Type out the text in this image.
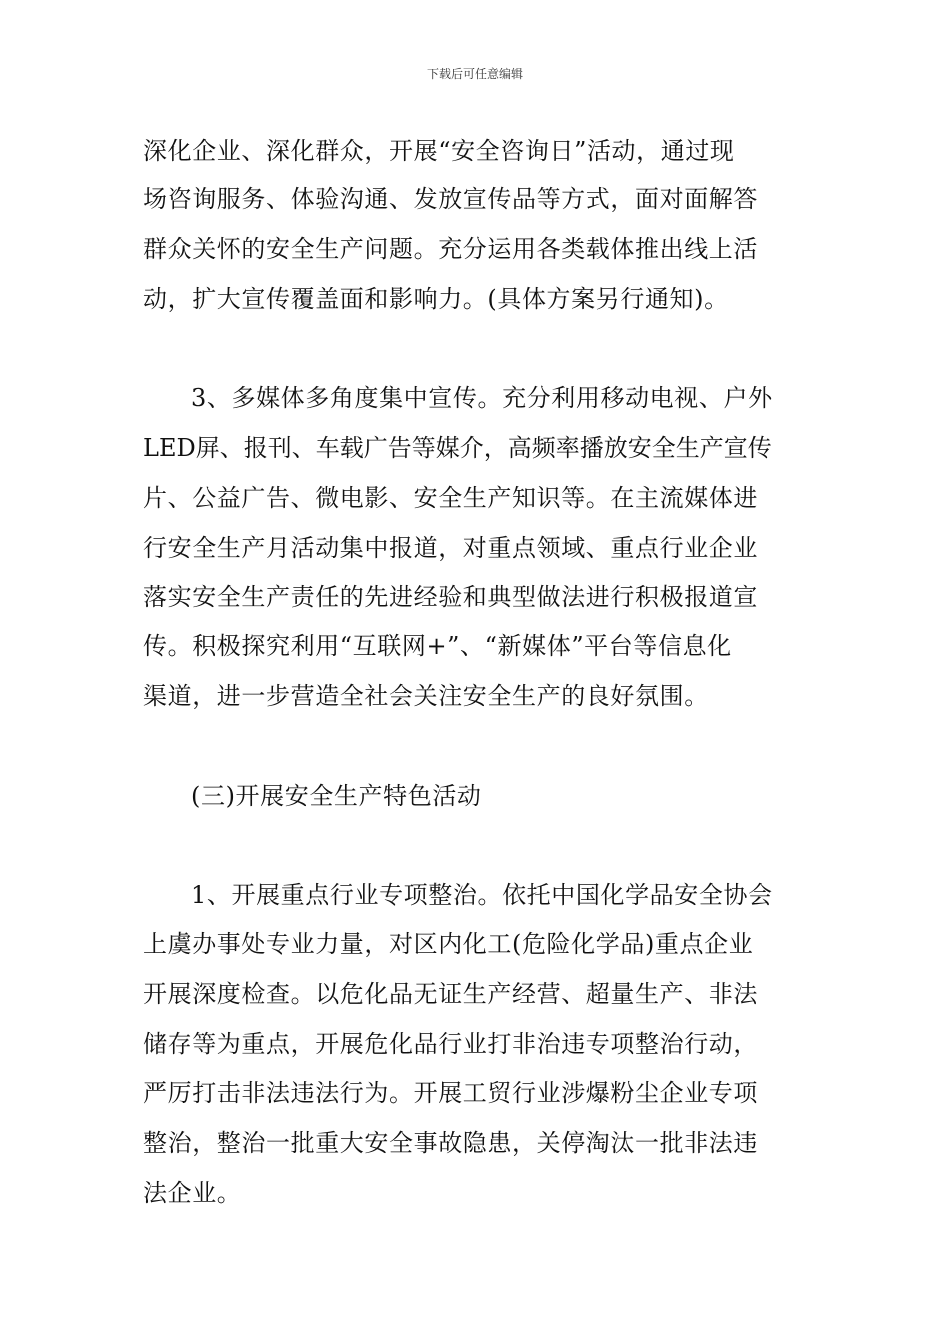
下载后可任意编辑
深化企业、深化群众，开展“安全咨询日”活动，通过现
场咨询服务、体验沟通、发放宣传品等方式，面对面解答
群众关怀的安全生产问题。充分运用各类载体推出线上活
动，扩大宣传覆盖面和影响力。(具体方案另行通知)。
3、多媒体多角度集中宣传。充分利用移动电视、户外
LED屏、报刊、车载广告等媒介，高频率播放安全生产宣传
片、公益广告、微电影、安全生产知识等。在主流媒体进
行安全生产月活动集中报道，对重点领域、重点行业企业
落实安全生产责任的先进经验和典型做法进行积极报道宣
传。积极探究利用“互联网+”、“新媒体”平台等信息化
渠道，进一步营造全社会关注安全生产的良好氛围。
(三)开展安全生产特色活动
1、开展重点行业专项整治。依托中国化学品安全协会
上虞办事处专业力量，对区内化工(危险化学品)重点企业
开展深度检查。以危化品无证生产经营、超量生产、非法
储存等为重点，开展危化品行业打非治违专项整治行动，
严厉打击非法违法行为。开展工贸行业涉爆粉尘企业专项
整治，整治一批重大安全事故隐患，关停淘汰一批非法违
法企业。
